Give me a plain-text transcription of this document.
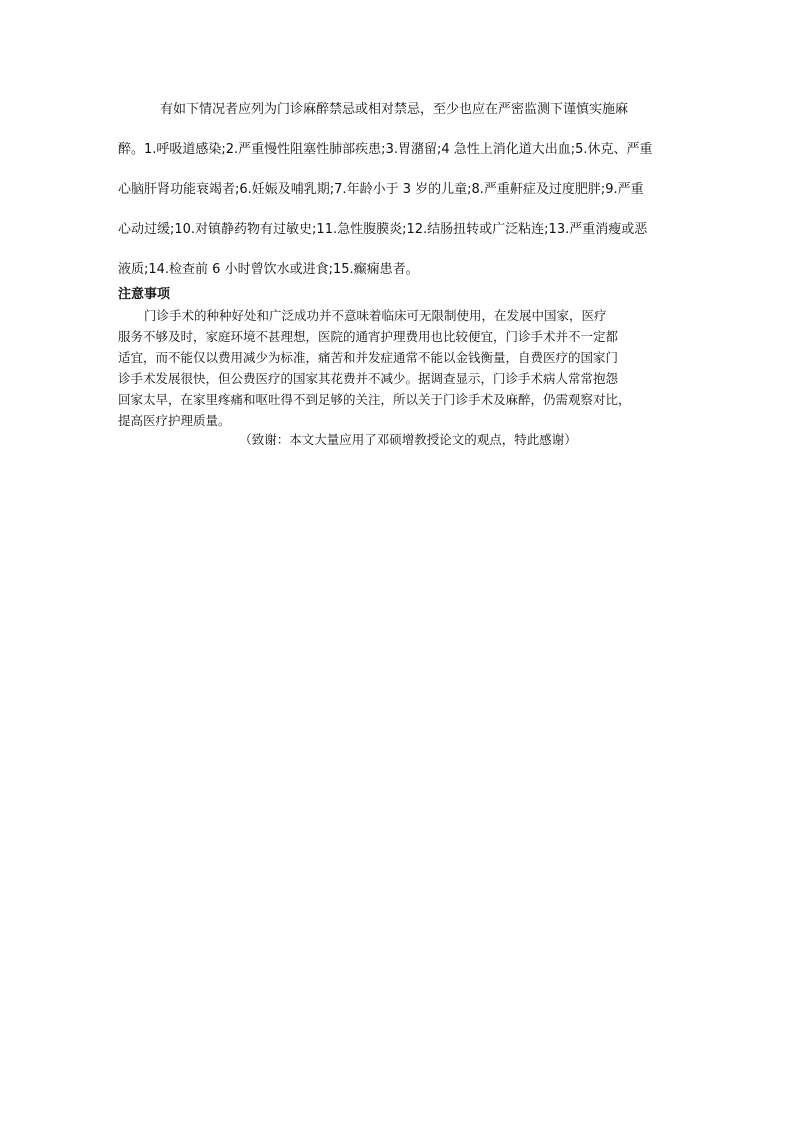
有如下情况者应列为门诊麻醉禁忌或相对禁忌，至少也应在严密监测下谨慎实施麻
醉。1.呼吸道感染;2.严重慢性阻塞性肺部疾患;3.胃潴留;4 急性上消化道大出血;5.休克、严重
心脑肝肾功能衰竭者;6.妊娠及哺乳期;7.年龄小于 3 岁的儿童;8.严重鼾症及过度肥胖;9.严重
心动过缓;10.对镇静药物有过敏史;11.急性腹膜炎;12.结肠扭转或广泛粘连;13.严重消瘦或恶
液质;14.检查前 6 小时曾饮水或进食;15.癫痫患者。

注意事项

门诊手术的种种好处和广泛成功并不意味着临床可无限制使用，在发展中国家，医疗
服务不够及时，家庭环境不甚理想，医院的通宵护理费用也比较便宜，门诊手术并不一定都
适宜，而不能仅以费用减少为标准，痛苦和并发症通常不能以金钱衡量，自费医疗的国家门
诊手术发展很快，但公费医疗的国家其花费并不减少。据调查显示，门诊手术病人常常抱怨
回家太早，在家里疼痛和呕吐得不到足够的关注，所以关于门诊手术及麻醉，仍需观察对比，
提高医疗护理质量。

（致谢：本文大量应用了邓硕增教授论文的观点，特此感谢）
